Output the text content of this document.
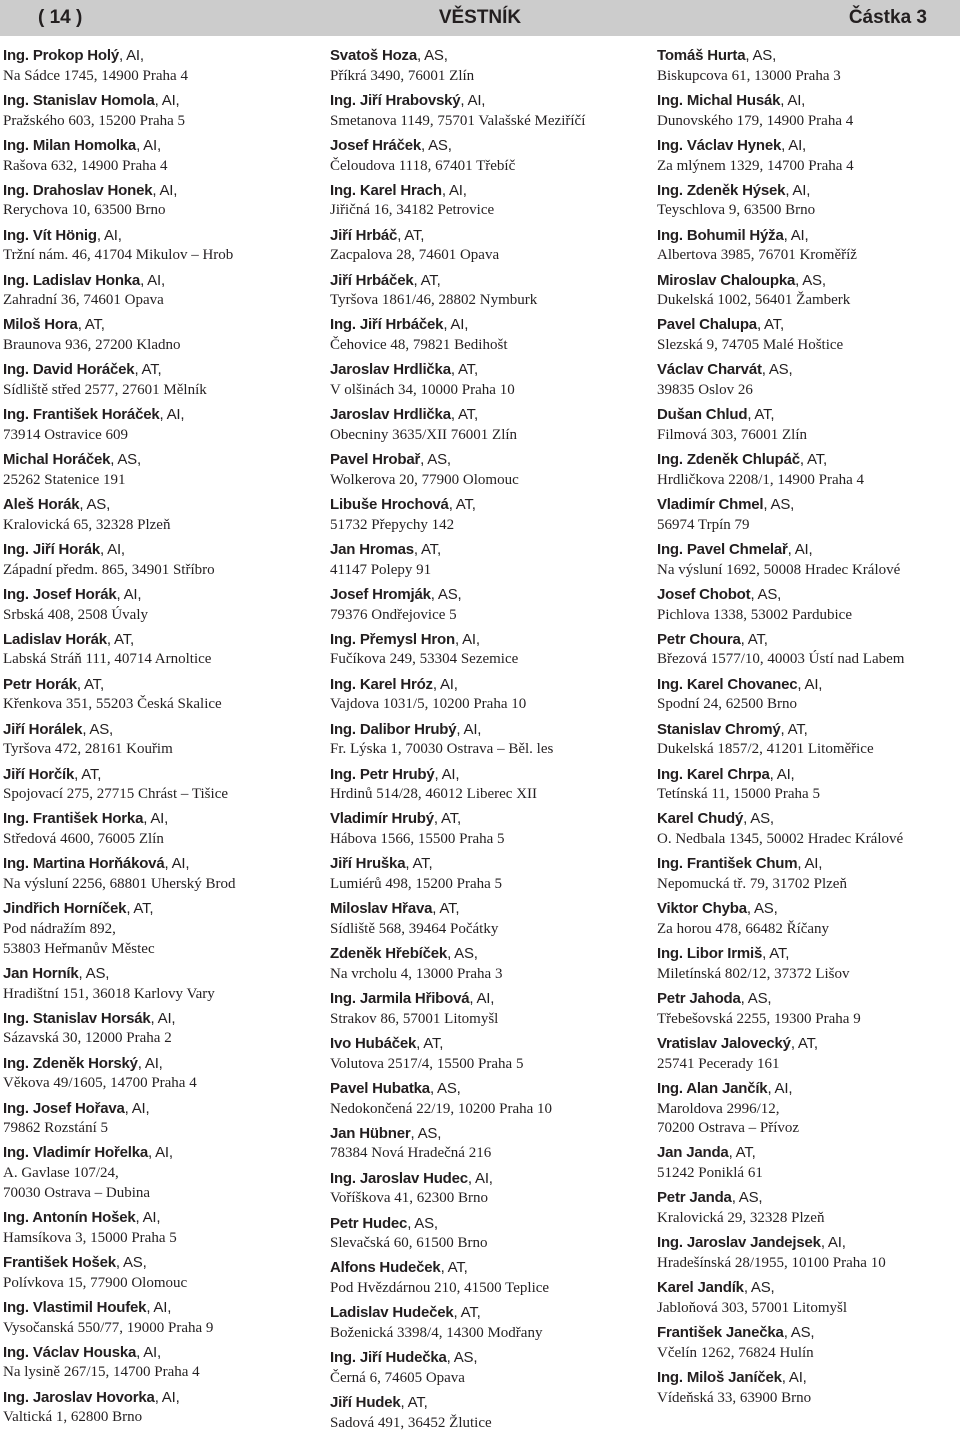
( 14 )	VĚSTNÍK	Částka 3
Ing. Prokop Holý, AI,
Na Sádce 1745, 14900 Praha 4
Ing. Stanislav Homola, AI,
Pražského 603, 15200 Praha 5
Ing. Milan Homolka, AI,
Rašova 632, 14900 Praha 4
Ing. Drahoslav Honek, AI,
Rerychova 10, 63500 Brno
Ing. Vít Hönig, AI,
Tržní nám. 46, 41704 Mikulov – Hrob
Ing. Ladislav Honka, AI,
Zahradní 36, 74601 Opava
Miloš Hora, AT,
Braunova 936, 27200 Kladno
Ing. David Horáček, AT,
Sídliště střed 2577, 27601 Mělník
Ing. František Horáček, AI,
73914 Ostravice 609
Michal Horáček, AS,
25262 Statenice 191
Aleš Horák, AS,
Kralovická 65, 32328 Plzeň
Ing. Jiří Horák, AI,
Západní předm. 865, 34901 Stříbro
Ing. Josef Horák, AI,
Srbská 408, 2508 Úvaly
Ladislav Horák, AT,
Labská Stráň 111, 40714 Arnoltice
Petr Horák, AT,
Křenkova 351, 55203 Česká Skalice
Jiří Horálek, AS,
Tyršova 472, 28161 Kouřim
Jiří Horčík, AT,
Spojovací 275, 27715 Chrást – Tišice
Ing. František Horka, AI,
Středová 4600, 76005 Zlín
Ing. Martina Horňáková, AI,
Na výsluní 2256, 68801 Uherský Brod
Jindřich Horníček, AT,
Pod nádražím 892,
53803 Heřmanův Městec
Jan Horník, AS,
Hradištní 151, 36018 Karlovy Vary
Ing. Stanislav Horsák, AI,
Sázavská 30, 12000 Praha 2
Ing. Zdeněk Horský, AI,
Věkova 49/1605, 14700 Praha 4
Ing. Josef Hořava, AI,
79862 Rozstání 5
Ing. Vladimír Hořelka, AI,
A. Gavlase 107/24,
70030 Ostrava – Dubina
Ing. Antonín Hošek, AI,
Hamsíkova 3, 15000 Praha 5
František Hošek, AS,
Polívkova 15, 77900 Olomouc
Ing. Vlastimil Houfek, AI,
Vysočanská 550/77, 19000 Praha 9
Ing. Václav Houska, AI,
Na lysině 267/15, 14700 Praha 4
Ing. Jaroslav Hovorka, AI,
Valtická 1, 62800 Brno
Svatoš Hoza, AS,
Příkrá 3490, 76001 Zlín
Ing. Jiří Hrabovský, AI,
Smetanova 1149, 75701 Valašské Meziříčí
Josef Hráček, AS,
Čeloudova 1118, 67401 Třebíč
Ing. Karel Hrach, AI,
Jiřičná 16, 34182 Petrovice
Jiří Hrbáč, AT,
Zacpalova 28, 74601 Opava
Jiří Hrbáček, AT,
Tyršova 1861/46, 28802 Nymburk
Ing. Jiří Hrbáček, AI,
Čehovice 48, 79821 Bedihošt
Jaroslav Hrdlička, AT,
V olšinách 34, 10000 Praha 10
Jaroslav Hrdlička, AT,
Obecniny 3635/XII 76001 Zlín
Pavel Hrobař, AS,
Wolkerova 20, 77900 Olomouc
Libuše Hrochová, AT,
51732 Přepychy 142
Jan Hromas, AT,
41147 Polepy 91
Josef Hromják, AS,
79376 Ondřejovice 5
Ing. Přemysl Hron, AI,
Fučíkova 249, 53304 Sezemice
Ing. Karel Hróz, AI,
Vajdova 1031/5, 10200 Praha 10
Ing. Dalibor Hrubý, AI,
Fr. Lýska 1, 70030 Ostrava – Běl. les
Ing. Petr Hrubý, AI,
Hrdinů 514/28, 46012 Liberec XII
Vladimír Hrubý, AT,
Hábova 1566, 15500 Praha 5
Jiří Hruška, AT,
Lumiérů 498, 15200 Praha 5
Miloslav Hřava, AT,
Sídliště 568, 39464 Počátky
Zdeněk Hřebíček, AS,
Na vrcholu 4, 13000 Praha 3
Ing. Jarmila Hřibová, AI,
Strakov 86, 57001 Litomyšl
Ivo Hubáček, AT,
Volutova 2517/4, 15500 Praha 5
Pavel Hubatka, AS,
Nedokončená 22/19, 10200 Praha 10
Jan Hübner, AS,
78384 Nová Hradečná 216
Ing. Jaroslav Hudec, AI,
Voříškova 41, 62300 Brno
Petr Hudec, AS,
Slevačská 60, 61500 Brno
Alfons Hudeček, AT,
Pod Hvězdárnou 210, 41500 Teplice
Ladislav Hudeček, AT,
Boženická 3398/4, 14300 Modřany
Ing. Jiří Hudečka, AS,
Černá 6, 74605 Opava
Jiří Hudek, AT,
Sadová 491, 36452 Žlutice
Tomáš Hurta, AS,
Biskupcova 61, 13000 Praha 3
Ing. Michal Husák, AI,
Dunovského 179, 14900 Praha 4
Ing. Václav Hynek, AI,
Za mlýnem 1329, 14700 Praha 4
Ing. Zdeněk Hýsek, AI,
Teyschlova 9, 63500 Brno
Ing. Bohumil Hýža, AI,
Albertova 3985, 76701 Kroměříž
Miroslav Chaloupka, AS,
Dukelská 1002, 56401 Žamberk
Pavel Chalupa, AT,
Slezská 9, 74705 Malé Hoštice
Václav Charvát, AS,
39835 Oslov 26
Dušan Chlud, AT,
Filmová 303, 76001 Zlín
Ing. Zdeněk Chlupáč, AT,
Hrdličkova 2208/1, 14900 Praha 4
Vladimír Chmel, AS,
56974 Trpín 79
Ing. Pavel Chmelař, AI,
Na výsluní 1692, 50008 Hradec Králové
Josef Chobot, AS,
Pichlova 1338, 53002 Pardubice
Petr Choura, AT,
Březová 1577/10, 40003 Ústí nad Labem
Ing. Karel Chovanec, AI,
Spodní 24, 62500 Brno
Stanislav Chromý, AT,
Dukelská 1857/2, 41201 Litoměřice
Ing. Karel Chrpa, AI,
Tetínská 11, 15000 Praha 5
Karel Chudý, AS,
O. Nedbala 1345, 50002 Hradec Králové
Ing. František Chum, AI,
Nepomucká tř. 79, 31702 Plzeň
Viktor Chyba, AS,
Za horou 478, 66482 Říčany
Ing. Libor Irmiš, AT,
Miletínská 802/12, 37372 Lišov
Petr Jahoda, AS,
Třebešovská 2255, 19300 Praha 9
Vratislav Jalovecký, AT,
25741 Pecerady 161
Ing. Alan Jančík, AI,
Maroldova 2996/12,
70200 Ostrava – Přívoz
Jan Janda, AT,
51242 Poniklá 61
Petr Janda, AS,
Kralovická 29, 32328 Plzeň
Ing. Jaroslav Jandejsek, AI,
Hradešínská 28/1955, 10100 Praha 10
Karel Jandík, AS,
Jabloňová 303, 57001 Litomyšl
František Janečka, AS,
Včelín 1262, 76824 Hulín
Ing. Miloš Janíček, AI,
Vídeňská 33, 63900 Brno
